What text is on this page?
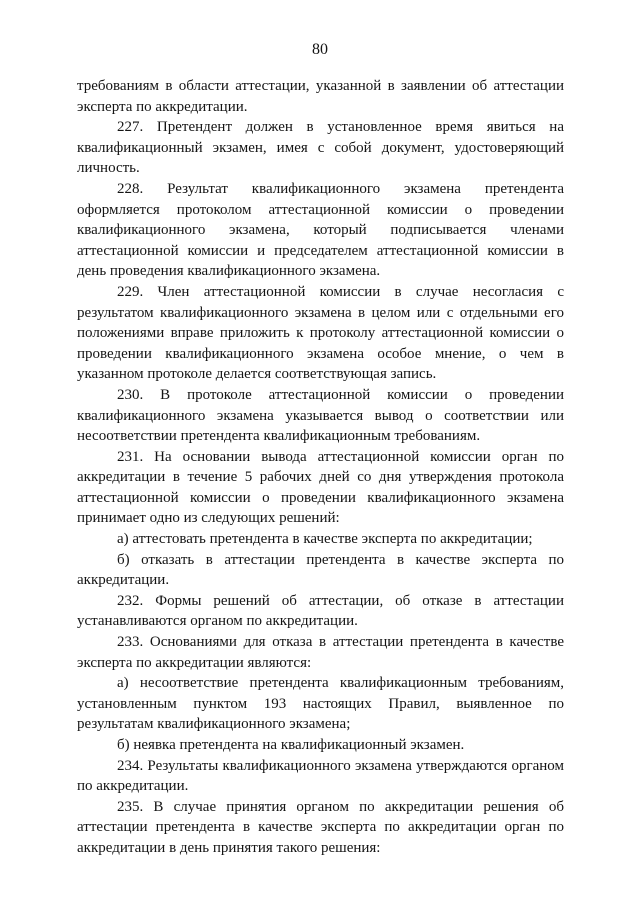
80

требованиям в области аттестации, указанной в заявлении об аттестации эксперта по аккредитации.

227. Претендент должен в установленное время явиться на квалификационный экзамен, имея с собой документ, удостоверяющий личность.

228. Результат квалификационного экзамена претендента оформляется протоколом аттестационной комиссии о проведении квалификационного экзамена, который подписывается членами аттестационной комиссии и председателем аттестационной комиссии в день проведения квалификационного экзамена.

229. Член аттестационной комиссии в случае несогласия с результатом квалификационного экзамена в целом или с отдельными его положениями вправе приложить к протоколу аттестационной комиссии о проведении квалификационного экзамена особое мнение, о чем в указанном протоколе делается соответствующая запись.

230. В протоколе аттестационной комиссии о проведении квалификационного экзамена указывается вывод о соответствии или несоответствии претендента квалификационным требованиям.

231. На основании вывода аттестационной комиссии орган по аккредитации в течение 5 рабочих дней со дня утверждения протокола аттестационной комиссии о проведении квалификационного экзамена принимает одно из следующих решений:

а) аттестовать претендента в качестве эксперта по аккредитации;

б) отказать в аттестации претендента в качестве эксперта по аккредитации.

232. Формы решений об аттестации, об отказе в аттестации устанавливаются органом по аккредитации.

233. Основаниями для отказа в аттестации претендента в качестве эксперта по аккредитации являются:

а) несоответствие претендента квалификационным требованиям, установленным пунктом 193 настоящих Правил, выявленное по результатам квалификационного экзамена;

б) неявка претендента на квалификационный экзамен.

234. Результаты квалификационного экзамена утверждаются органом по аккредитации.

235. В случае принятия органом по аккредитации решения об аттестации претендента в качестве эксперта по аккредитации орган по аккредитации в день принятия такого решения:
